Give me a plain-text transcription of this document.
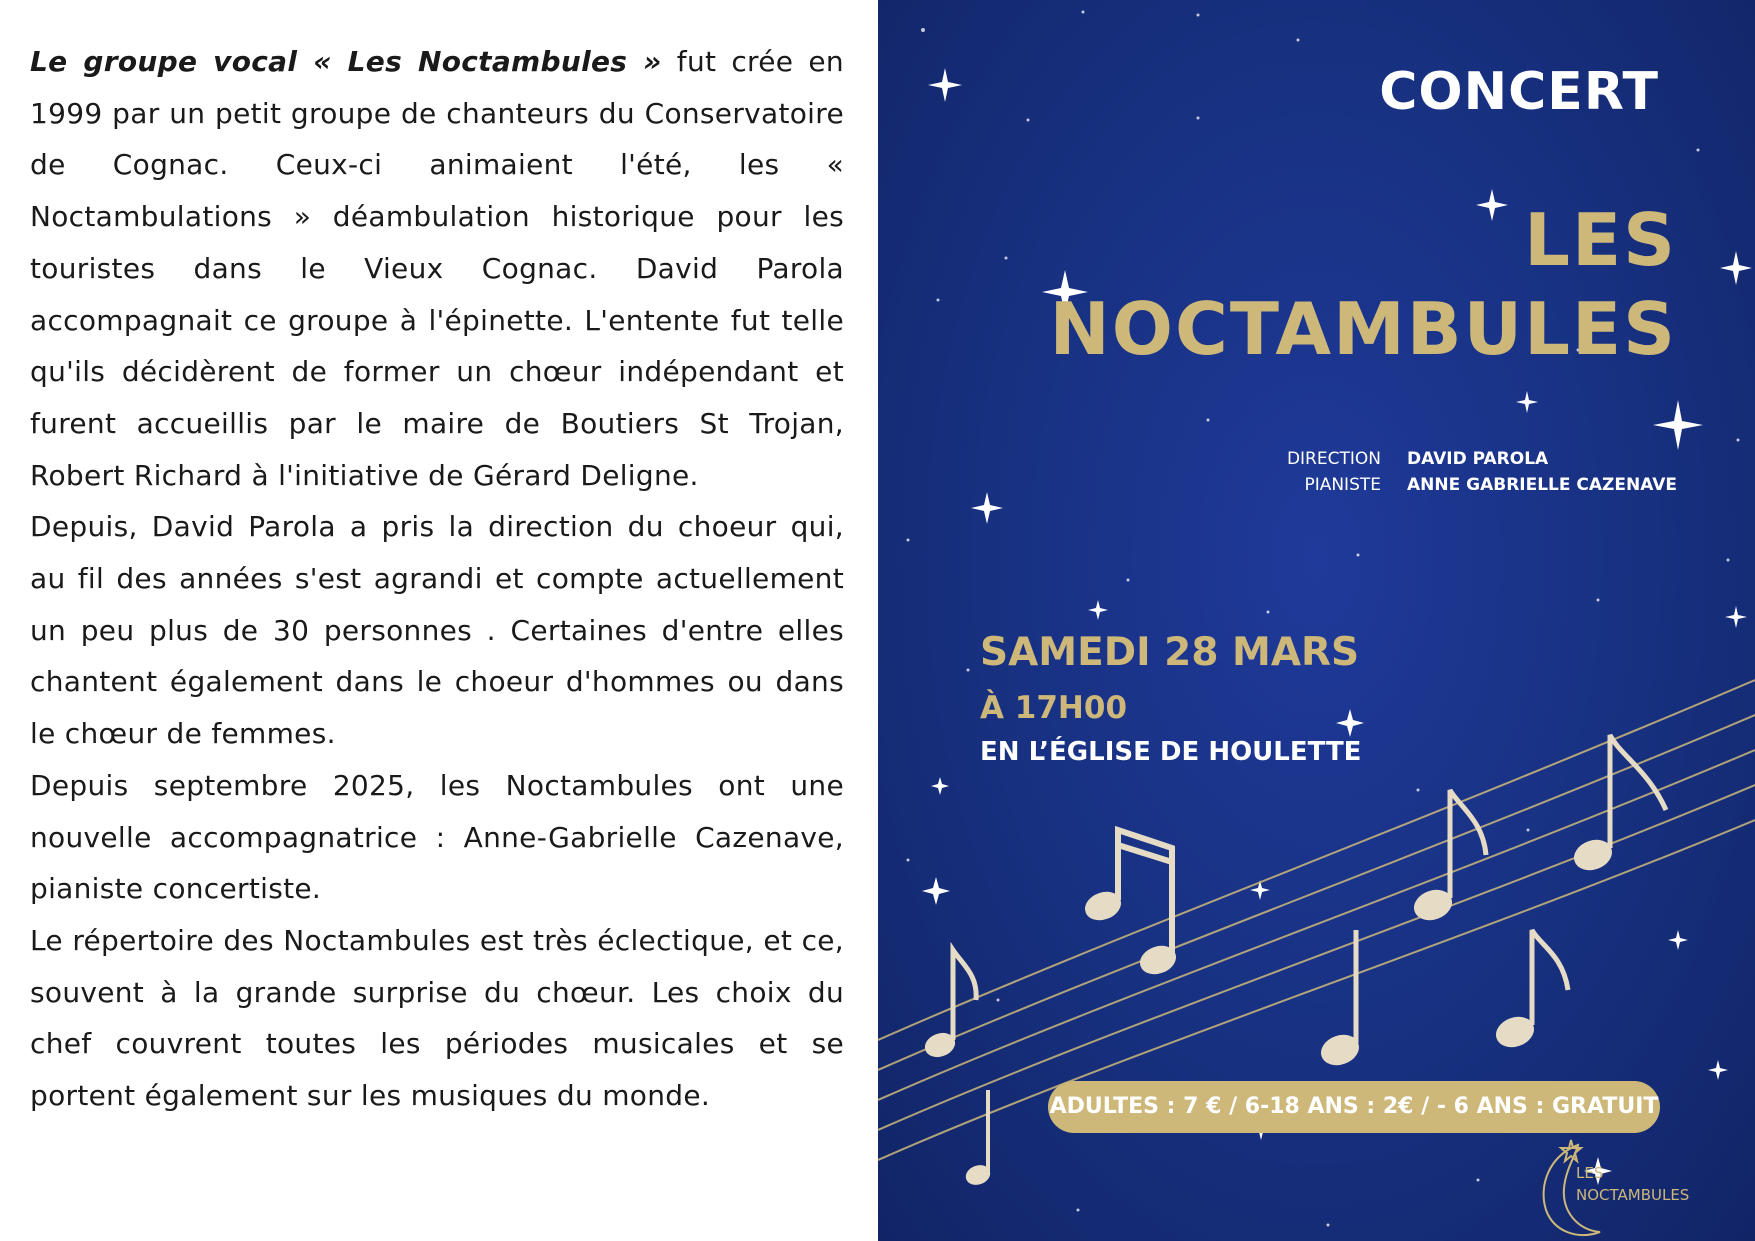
Le groupe vocal « Les Noctambules » fut crée en 1999 par un petit groupe de chanteurs du Conservatoire de Cognac. Ceux-ci animaient l'été, les « Noctambulations » déambulation historique pour les touristes dans le Vieux Cognac. David Parola accompagnait ce groupe à l'épinette. L'entente fut telle qu'ils décidèrent de former un chœur indépendant et furent accueillis par le maire de Boutiers St Trojan, Robert Richard à l'initiative de Gérard Deligne.

Depuis, David Parola a pris la direction du choeur qui, au fil des années s'est agrandi et compte actuellement un peu plus de 30 personnes . Certaines d'entre elles chantent également dans le choeur d'hommes ou dans le chœur de femmes.

Depuis septembre 2025, les Noctambules ont une nouvelle accompagnatrice : Anne-Gabrielle Cazenave, pianiste concertiste.

Le répertoire des Noctambules est très éclectique, et ce, souvent à la grande surprise du chœur. Les choix du chef couvrent toutes les périodes musicales et se portent également sur les musiques du monde.

CONCERT
LES
NOCTAMBULES
DIRECTION DAVID PAROLA
PIANISTE ANNE GABRIELLE CAZENAVE
SAMEDI 28 MARS
À 17H00
EN L’ÉGLISE DE HOULETTE
ADULTES : 7 € / 6-18 ANS : 2€ / - 6 ANS : GRATUIT
LES
NOCTAMBULES
